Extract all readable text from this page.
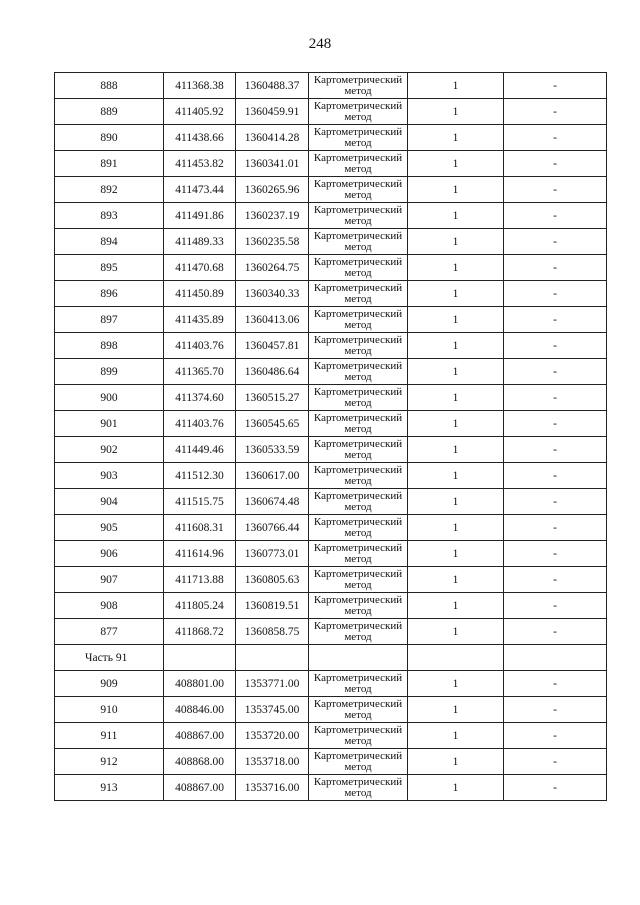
248
888	411368.38	1360488.37	Картометрический метод	1	-
889	411405.92	1360459.91	Картометрический метод	1	-
890	411438.66	1360414.28	Картометрический метод	1	-
891	411453.82	1360341.01	Картометрический метод	1	-
892	411473.44	1360265.96	Картометрический метод	1	-
893	411491.86	1360237.19	Картометрический метод	1	-
894	411489.33	1360235.58	Картометрический метод	1	-
895	411470.68	1360264.75	Картометрический метод	1	-
896	411450.89	1360340.33	Картометрический метод	1	-
897	411435.89	1360413.06	Картометрический метод	1	-
898	411403.76	1360457.81	Картометрический метод	1	-
899	411365.70	1360486.64	Картометрический метод	1	-
900	411374.60	1360515.27	Картометрический метод	1	-
901	411403.76	1360545.65	Картометрический метод	1	-
902	411449.46	1360533.59	Картометрический метод	1	-
903	411512.30	1360617.00	Картометрический метод	1	-
904	411515.75	1360674.48	Картометрический метод	1	-
905	411608.31	1360766.44	Картометрический метод	1	-
906	411614.96	1360773.01	Картометрический метод	1	-
907	411713.88	1360805.63	Картометрический метод	1	-
908	411805.24	1360819.51	Картометрический метод	1	-
877	411868.72	1360858.75	Картометрический метод	1	-
Часть 91					
909	408801.00	1353771.00	Картометрический метод	1	-
910	408846.00	1353745.00	Картометрический метод	1	-
911	408867.00	1353720.00	Картометрический метод	1	-
912	408868.00	1353718.00	Картометрический метод	1	-
913	408867.00	1353716.00	Картометрический метод	1	-
